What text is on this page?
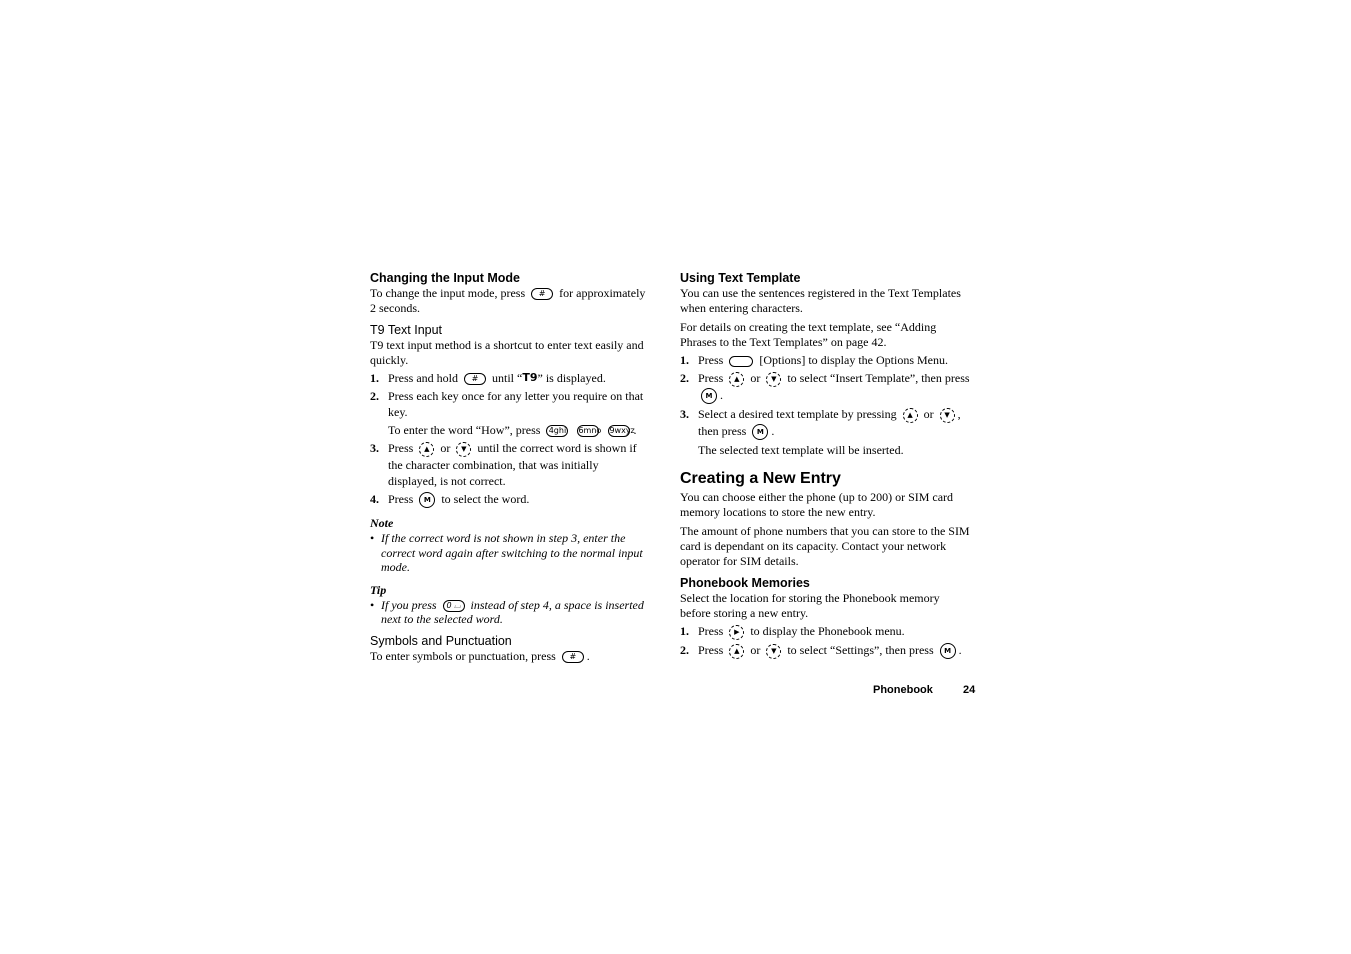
Changing the Input Mode

To change the input mode, press # for approximately 2 seconds.

T9 Text Input

T9 text input method is a shortcut to enter text easily and quickly.

1. Press and hold # until “T9” is displayed.
2. Press each key once for any letter you require on that key.
To enter the word “How”, press 4ghi 6mno 9wxyz.
3. Press ▲ or ▼ until the correct word is shown if the character combination, that was initially displayed, is not correct.
4. Press M to select the word.

Note

• If the correct word is not shown in step 3, enter the correct word again after switching to the normal input mode.

Tip

• If you press 0 ⌴ instead of step 4, a space is inserted next to the selected word.

Symbols and Punctuation

To enter symbols or punctuation, press # .

Using Text Template

You can use the sentences registered in the Text Templates when entering characters.

For details on creating the text template, see “Adding Phrases to the Text Templates” on page 42.

1. Press	[Options] to display the Options Menu.
2. Press ▲ or ▼ to select “Insert Template”, then press M .
3. Select a desired text template by pressing ▲ or ▼ , then press M .
The selected text template will be inserted.

Creating a New Entry

You can choose either the phone (up to 200) or SIM card memory locations to store the new entry.

The amount of phone numbers that you can store to the SIM card is dependant on its capacity. Contact your network operator for SIM details.

Phonebook Memories

Select the location for storing the Phonebook memory before storing a new entry.

1. Press ▶ to display the Phonebook menu.
2. Press ▲ or ▼ to select “Settings”, then press M .
Phonebook	24
